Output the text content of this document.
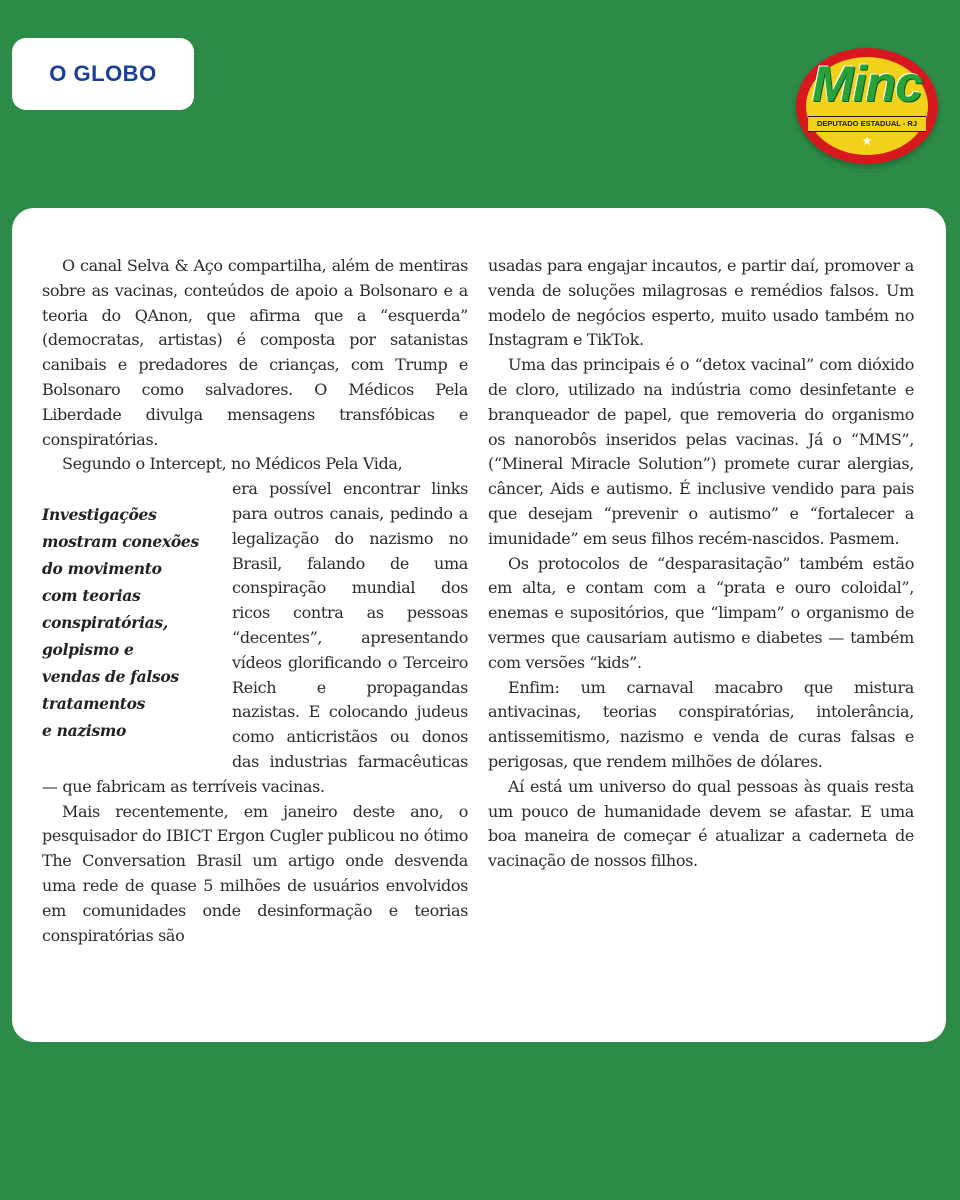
O GLOBO	Minc
DEPUTADO ESTADUAL - RJ
★

O canal Selva & Aço compartilha, além de mentiras sobre as vacinas, conteúdos de apoio a Bolsonaro e a teoria do QAnon, que afirma que a “esquerda” (democratas, artistas) é composta por satanistas canibais e predadores de crianças, com Trump e Bolsonaro como salvadores. O Médicos Pela Liberdade divulga mensagens transfóbicas e conspiratórias.

Segundo o Intercept, no Médicos Pela Vida,

Investigações
mostram conexões
do movimento
com teorias
conspiratórias,
golpismo e
vendas de falsos
tratamentos
e nazismo

era possível encontrar links para outros canais, pedindo a legalização do nazismo no Brasil, falando de uma conspiração mundial dos ricos contra as pessoas “decentes”, apresentando vídeos glorificando o Terceiro Reich e propagandas nazistas. E colocando judeus como anticristãos ou donos das industrias farmacêuticas — que fabricam as terríveis vacinas.

Mais recentemente, em janeiro deste ano, o pesquisador do IBICT Ergon Cugler publicou no ótimo The Conversation Brasil um artigo onde desvenda uma rede de quase 5 milhões de usuários envolvidos em comunidades onde desinformação e teorias conspiratórias são

usadas para engajar incautos, e partir daí, promover a venda de soluções milagrosas e remédios falsos. Um modelo de negócios esperto, muito usado também no Instagram e TikTok.

Uma das principais é o “detox vacinal” com dióxido de cloro, utilizado na indústria como desinfetante e branqueador de papel, que removeria do organismo os nanorobôs inseridos pelas vacinas. Já o “MMS”, (“Mineral Miracle Solution”) promete curar alergias, câncer, Aids e autismo. É inclusive vendido para pais que desejam “prevenir o autismo” e “fortalecer a imunidade” em seus filhos recém-nascidos. Pasmem.

Os protocolos de “desparasitação” também estão em alta, e contam com a “prata e ouro coloidal”, enemas e supositórios, que “limpam” o organismo de vermes que causariam autismo e diabetes — também com versões “kids”.

Enfim: um carnaval macabro que mistura antivacinas, teorias conspiratórias, intolerância, antissemitismo, nazismo e venda de curas falsas e perigosas, que rendem milhões de dólares.

Aí está um universo do qual pessoas às quais resta um pouco de humanidade devem se afastar. E uma boa maneira de começar é atualizar a caderneta de vacinação de nossos filhos.
